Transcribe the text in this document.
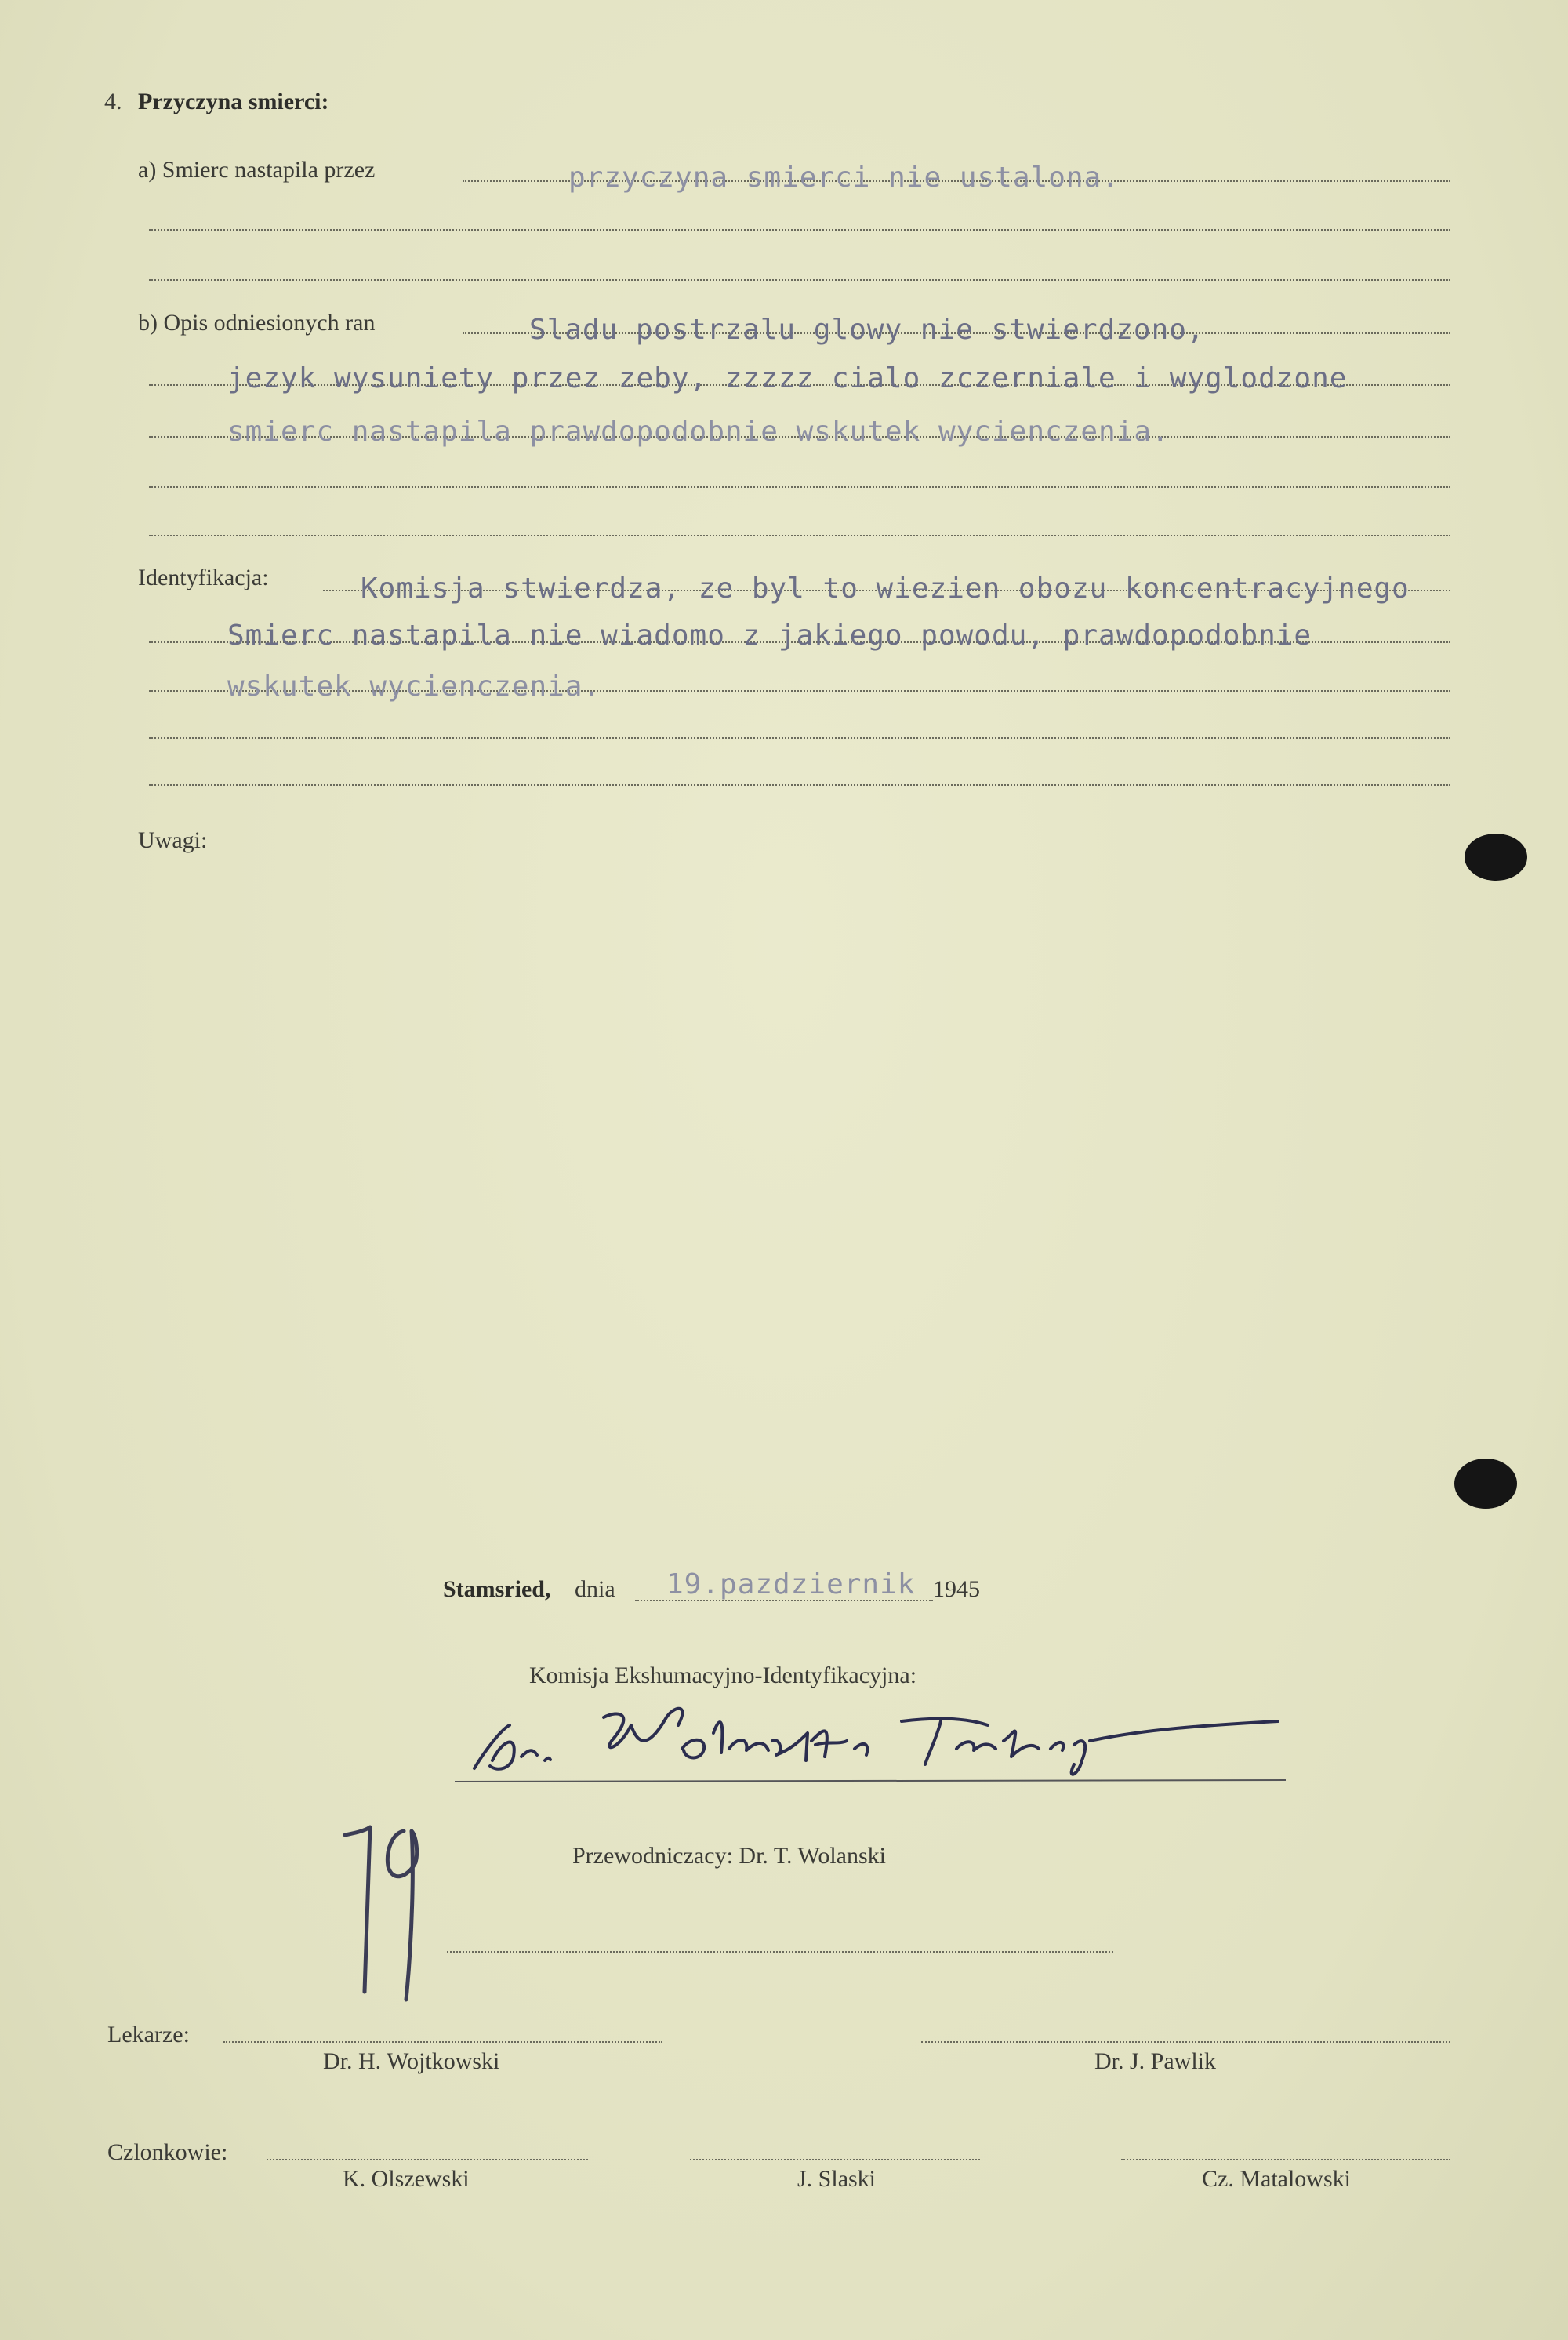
4. Przyczyna smierci:
a) Smierc nastapila przez	przyczyna smierci nie ustalona.
b) Opis odniesionych ran	Sladu postrzalu glowy nie stwierdzono,
jezyk wysuniety przez zeby, zzzzz cialo zczerniale i wyglodzone
smierc nastapila prawdopodobnie wskutek wycienczenia.
Identyfikacja:	Komisja stwierdza, ze byl to wiezien obozu koncentracyjnego
Smierc nastapila nie wiadomo z jakiego powodu, prawdopodobnie
wskutek wycienczenia.
Uwagi:
Stamsried, dnia 19.pazdziernik 1945
Komisja Ekshumacyjno-Identyfikacyjna:
Przewodniczacy: Dr. T. Wolanski
Lekarze:
Dr. H. Wojtkowski	Dr. J. Pawlik
Czlonkowie:
K. Olszewski	J. Slaski	Cz. Matalowski
